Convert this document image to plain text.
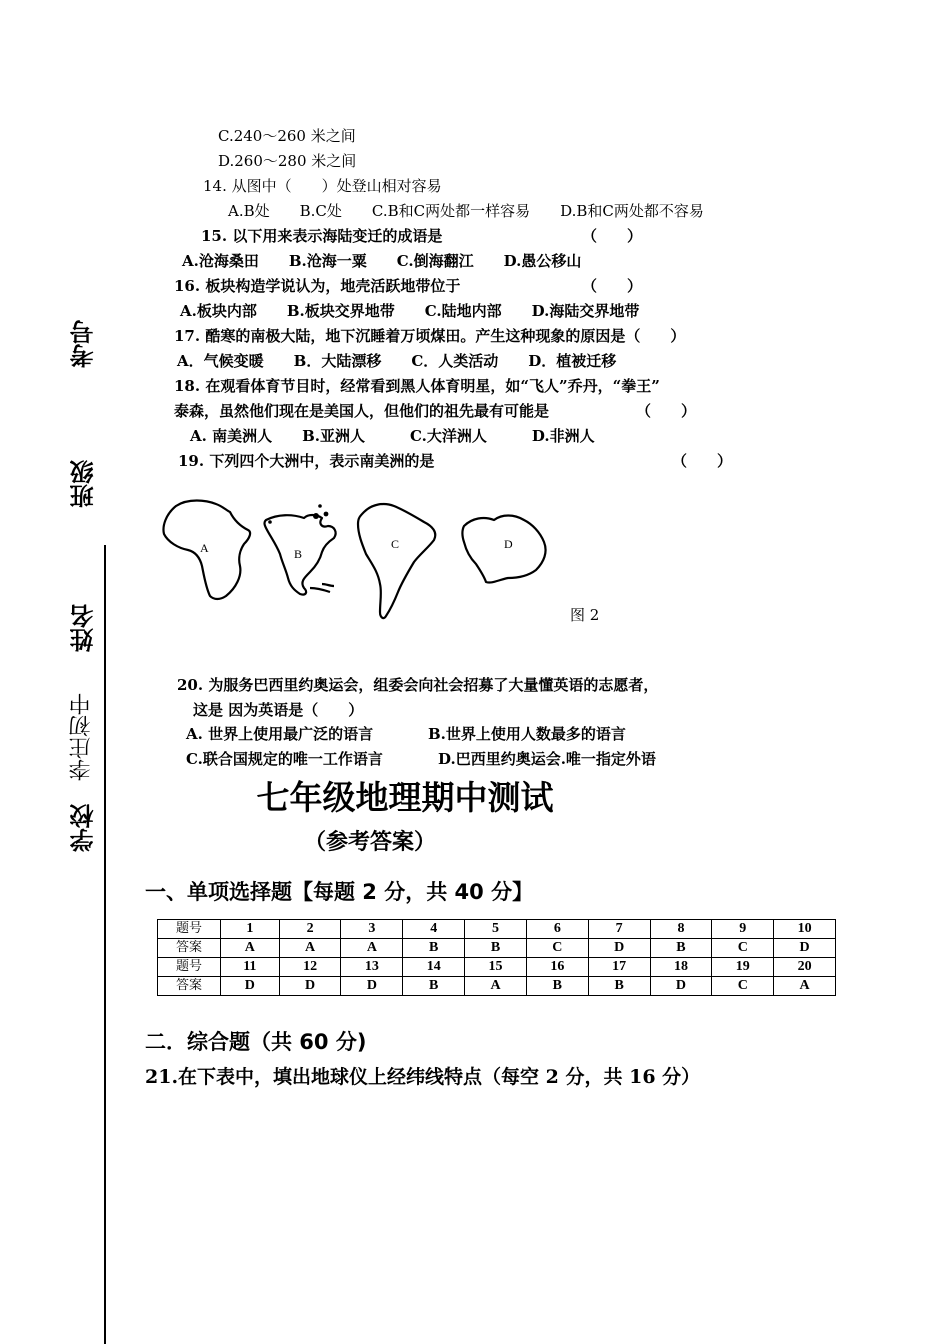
考号
班级
姓名
李庄初中
学校
C.240～260 米之间
D.260～280 米之间
14. 从图中（　　）处登山相对容易
A.B处　　B.C处　　C.B和C两处都一样容易　　D.B和C两处都不容易
15. 以下用来表示海陆变迁的成语是	（　　）
A.沧海桑田　　B.沧海一粟　　C.倒海翻江　　D.愚公移山
16. 板块构造学说认为，地壳活跃地带位于	（　　）
A.板块内部　　B.板块交界地带　　C.陆地内部　　D.海陆交界地带
17. 酷寒的南极大陆，地下沉睡着万顷煤田。产生这种现象的原因是（　　）
A．气候变暖　　B．大陆漂移　　C．人类活动　　D．植被迁移
18. 在观看体育节目时，经常看到黑人体育明星，如“飞人”乔丹，“拳王”
泰森，虽然他们现在是美国人，但他们的祖先最有可能是	（　　）
A. 南美洲人　　B.亚洲人　　　C.大洋洲人　　　D.非洲人
19. 下列四个大洲中，表示南美洲的是	（　　）
A	B
C	D
图 2
20. 为服务巴西里约奥运会，组委会向社会招募了大量懂英语的志愿者，
这是 因为英语是（　　）
A. 世界上使用最广泛的语言	B.世界上使用人数最多的语言
C.联合国规定的唯一工作语言	D.巴西里约奥运会.唯一指定外语
七年级地理期中测试
（参考答案）
一、单项选择题【每题 2 分，共 40 分】
题号	1	2	3	4	5	6	7	8	9	10
答案	A	A	A	B	B	C	D	B	C	D
题号	11	12	13	14	15	16	17	18	19	20
答案	D	D	D	B	A	B	B	D	C	A
二．综合题（共 60 分)
21.在下表中，填出地球仪上经纬线特点（每空 2 分，共 16 分）
